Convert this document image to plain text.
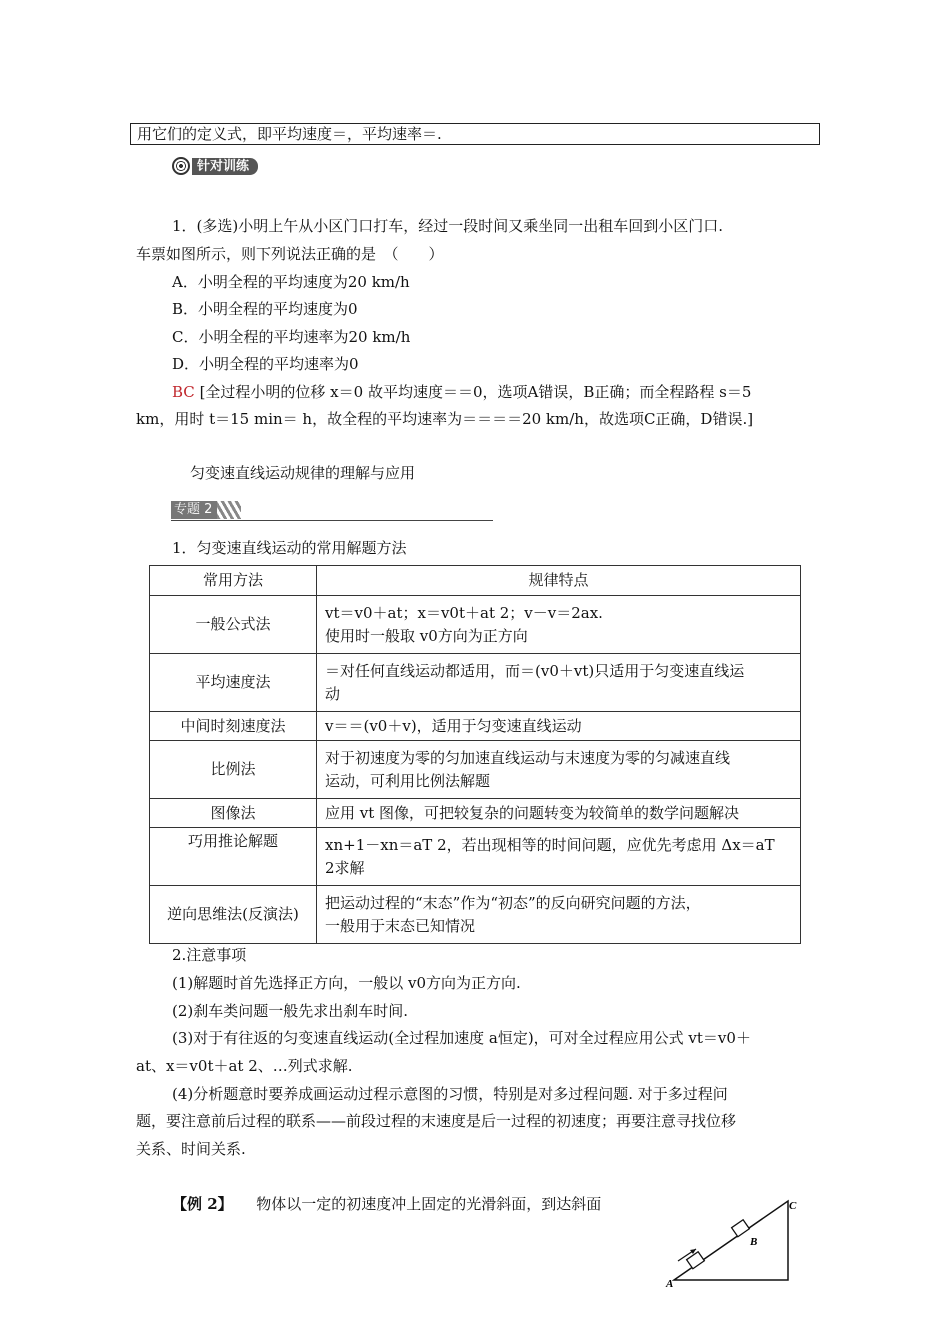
用它们的定义式，即平均速度＝，平均速率＝.
针对训练
1．(多选)小明上午从小区门口打车，经过一段时间又乘坐同一出租车回到小区门口.
车票如图所示，则下列说法正确的是　（　　）
A．小明全程的平均速度为20 km/h
B．小明全程的平均速度为0
C．小明全程的平均速率为20 km/h
D．小明全程的平均速率为0
BC [全过程小明的位移 x＝0 故平均速度＝＝0，选项A错误，B正确；而全程路程 s＝5
km，用时 t＝15 min＝ h，故全程的平均速率为＝＝＝＝20 km/h，故选项C正确，D错误.]
匀变速直线运动规律的理解与应用
专题 2
1．匀变速直线运动的常用解题方法
常用方法	规律特点
一般公式法	vt＝v0＋at；x＝v0t＋at 2；v－v＝2ax.
使用时一般取 v0方向为正方向

平均速度法	＝对任何直线运动都适用，而＝(v0＋vt)只适用于匀变速直线运
动

中间时刻速度法	v＝＝(v0＋v)，适用于匀变速直线运动

比例法	对于初速度为零的匀加速直线运动与末速度为零的匀减速直线
运动，可利用比例法解题

图像法	应用 vt 图像，可把较复杂的问题转变为较简单的数学问题解决

巧用推论解题	xn+1－xn＝aT 2，若出现相等的时间问题，应优先考虑用 Δx＝aT
2求解

逆向思维法(反演法)	把运动过程的“末态”作为“初态”的反向研究问题的方法，
一般用于末态已知情况
2.注意事项
(1)解题时首先选择正方向，一般以 v0方向为正方向.
(2)刹车类问题一般先求出刹车时间.
(3)对于有往返的匀变速直线运动(全过程加速度 a恒定)，可对全过程应用公式 vt＝v0＋
at、x＝v0t＋at 2、…列式求解.
(4)分析题意时要养成画运动过程示意图的习惯，特别是对多过程问题. 对于多过程问
题，要注意前后过程的联系——前段过程的末速度是后一过程的初速度；再要注意寻找位移
关系、时间关系.
【例 2】 物体以一定的初速度冲上固定的光滑斜面，到达斜面
A
B
C
